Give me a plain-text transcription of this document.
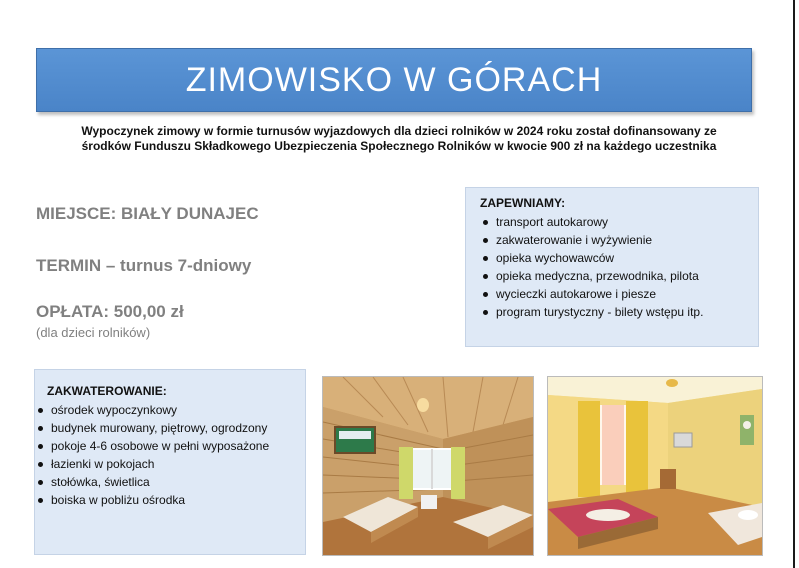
ZIMOWISKO W GÓRACH
Wypoczynek zimowy w formie turnusów wyjazdowych dla dzieci rolników w 2024 roku został dofinansowany ze
środków Funduszu Składkowego Ubezpieczenia Społecznego Rolników w kwocie 900 zł na każdego uczestnika
MIEJSCE: BIAŁY DUNAJEC
TERMIN – turnus 7-dniowy
OPŁATA: 500,00 zł
(dla dzieci rolników)
ZAPEWNIAMY:
transport autokarowy
zakwaterowanie i wyżywienie
opieka wychowawców
opieka medyczna, przewodnika, pilota
wycieczki autokarowe i piesze
program turystyczny - bilety wstępu itp.
ZAKWATEROWANIE:
ośrodek wypoczynkowy
budynek murowany, piętrowy, ogrodzony
pokoje 4-6 osobowe w pełni wyposażone
łazienki w pokojach
stołówka, świetlica
boiska w pobliżu ośrodka
